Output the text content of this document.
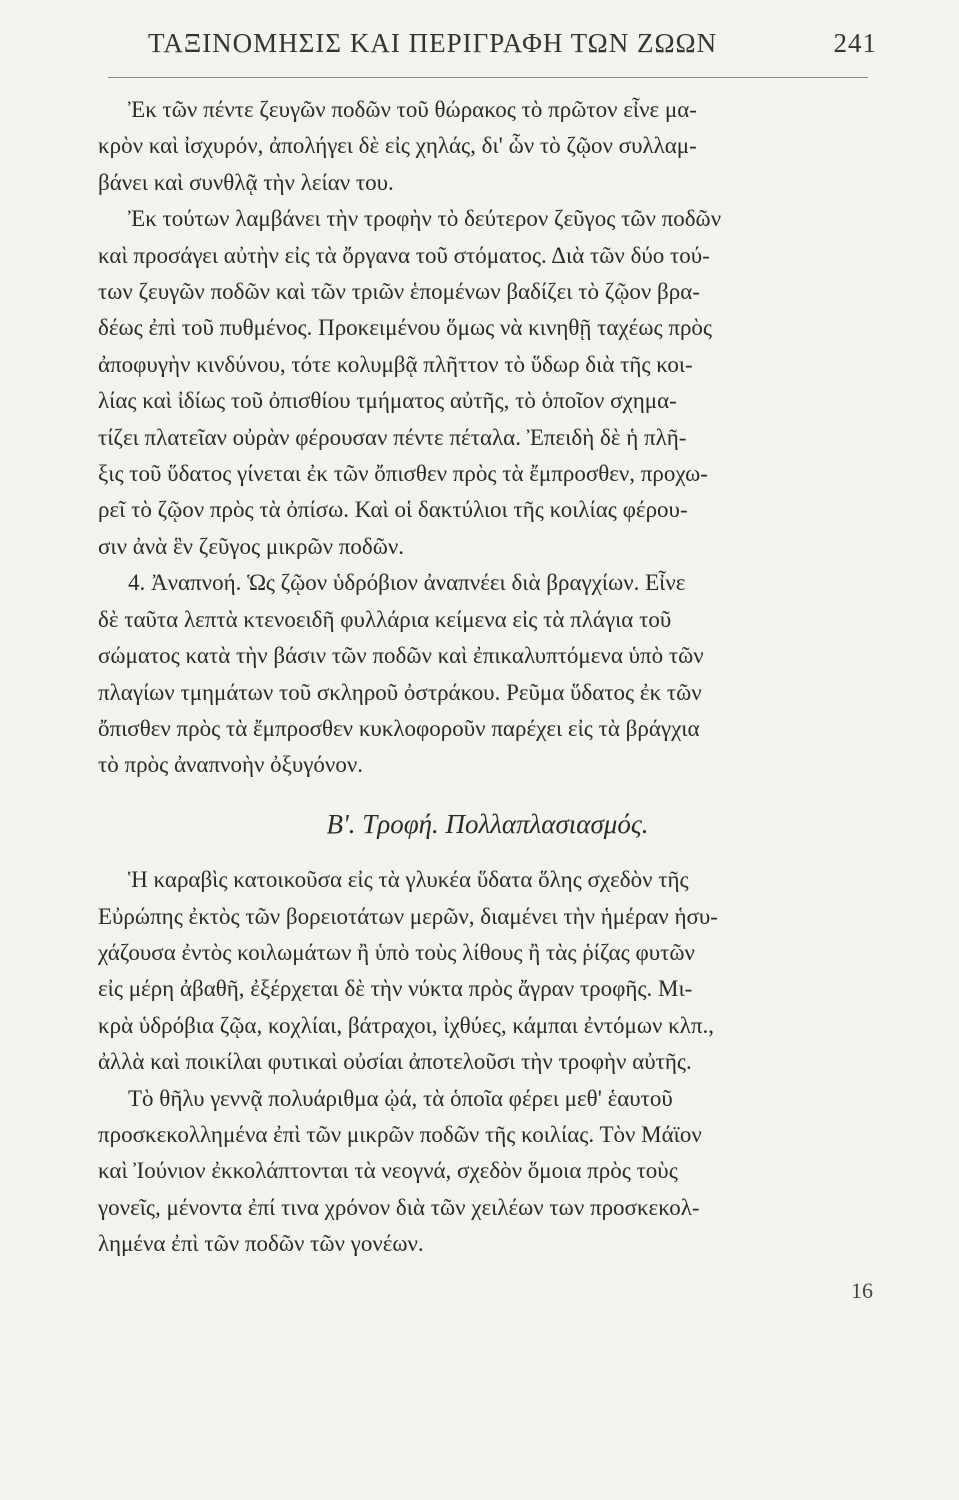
ΤΑΞΙΝΟΜΗΣΙΣ ΚΑΙ ΠΕΡΙΓΡΑΦΗ ΤΩΝ ΖΩΩΝ	241
Ἐκ τῶν πέντε ζευγῶν ποδῶν τοῦ θώρακος τὸ πρῶτον εἶνε μα-
κρὸν καὶ ἰσχυρόν, ἀπολήγει δὲ εἰς χηλάς, δι' ὧν τὸ ζῷον συλλαμ-
βάνει καὶ συνθλᾷ τὴν λείαν του.
Ἐκ τούτων λαμβάνει τὴν τροφὴν τὸ δεύτερον ζεῦγος τῶν ποδῶν
καὶ προσάγει αὐτὴν εἰς τὰ ὄργανα τοῦ στόματος. Διὰ τῶν δύο τού-
των ζευγῶν ποδῶν καὶ τῶν τριῶν ἑπομένων βαδίζει τὸ ζῷον βρα-
δέως ἐπὶ τοῦ πυθμένος. Προκειμένου ὅμως νὰ κινηθῇ ταχέως πρὸς
ἀποφυγὴν κινδύνου, τότε κολυμβᾷ πλῆττον τὸ ὕδωρ διὰ τῆς κοι-
λίας καὶ ἰδίως τοῦ ὀπισθίου τμήματος αὐτῆς, τὸ ὁποῖον σχημα-
τίζει πλατεῖαν οὐρὰν φέρουσαν πέντε πέταλα. Ἐπειδὴ δὲ ἡ πλῆ-
ξις τοῦ ὕδατος γίνεται ἐκ τῶν ὄπισθεν πρὸς τὰ ἔμπροσθεν, προχω-
ρεῖ τὸ ζῷον πρὸς τὰ ὀπίσω. Καὶ οἱ δακτύλιοι τῆς κοιλίας φέρου-
σιν ἀνὰ ἓν ζεῦγος μικρῶν ποδῶν.
4. Ἀναπνοή. Ὡς ζῷον ὑδρόβιον ἀναπνέει διὰ βραγχίων. Εἶνε
δὲ ταῦτα λεπτὰ κτενοειδῆ φυλλάρια κείμενα εἰς τὰ πλάγια τοῦ
σώματος κατὰ τὴν βάσιν τῶν ποδῶν καὶ ἐπικαλυπτόμενα ὑπὸ τῶν
πλαγίων τμημάτων τοῦ σκληροῦ ὀστράκου. Ρεῦμα ὕδατος ἐκ τῶν
ὄπισθεν πρὸς τὰ ἔμπροσθεν κυκλοφοροῦν παρέχει εἰς τὰ βράγχια
τὸ πρὸς ἀναπνοὴν ὀξυγόνον.
Β'. Τροφή. Πολλαπλασιασμός.
Ἡ καραβὶς κατοικοῦσα εἰς τὰ γλυκέα ὕδατα ὅλης σχεδὸν τῆς
Εὐρώπης ἐκτὸς τῶν βορειοτάτων μερῶν, διαμένει τὴν ἡμέραν ἡσυ-
χάζουσα ἐντὸς κοιλωμάτων ἢ ὑπὸ τοὺς λίθους ἢ τὰς ῥίζας φυτῶν
εἰς μέρη ἀβαθῆ, ἐξέρχεται δὲ τὴν νύκτα πρὸς ἄγραν τροφῆς. Μι-
κρὰ ὑδρόβια ζῷα, κοχλίαι, βάτραχοι, ἰχθύες, κάμπαι ἐντόμων κλπ.,
ἀλλὰ καὶ ποικίλαι φυτικαὶ οὐσίαι ἀποτελοῦσι τὴν τροφὴν αὐτῆς.
Τὸ θῆλυ γεννᾷ πολυάριθμα ᾠά, τὰ ὁποῖα φέρει μεθ' ἑαυτοῦ
προσκεκολλημένα ἐπὶ τῶν μικρῶν ποδῶν τῆς κοιλίας. Τὸν Μάϊον
καὶ Ἰούνιον ἐκκολάπτονται τὰ νεογνά, σχεδὸν ὅμοια πρὸς τοὺς
γονεῖς, μένοντα ἐπί τινα χρόνον διὰ τῶν χειλέων των προσκεκολ-
λημένα ἐπὶ τῶν ποδῶν τῶν γονέων.
16
